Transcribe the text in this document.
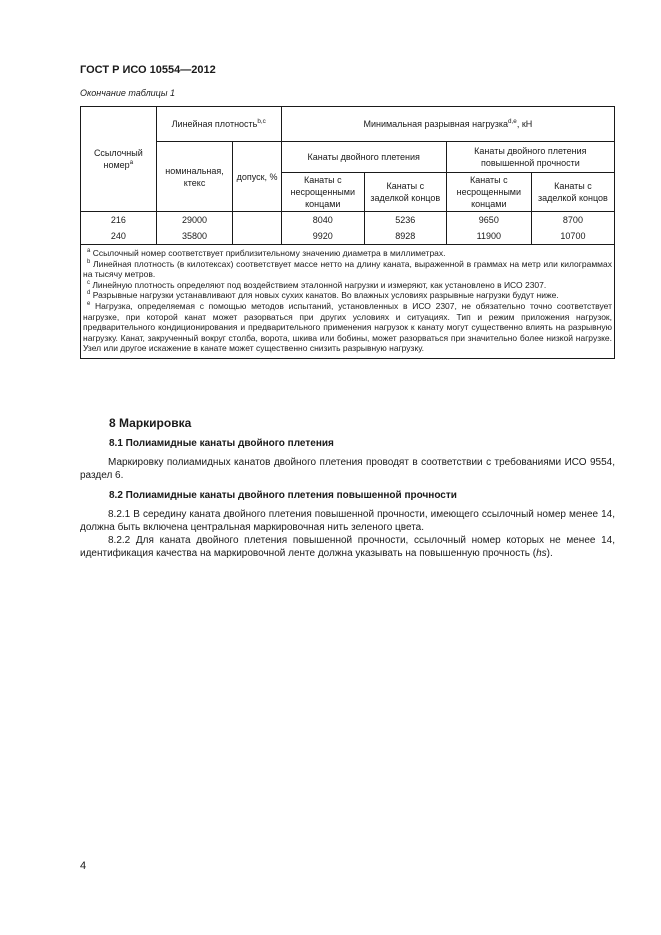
ГОСТ Р ИСО 10554—2012
Окончание таблицы 1
Ссылочный номер$^a$	Линейная плотность$^{b,c}$		Минимальная разрывная нагрузка$^{d,e}$, кН			
	номинальная, ктекс	допуск, %	Канаты двойного плетения		Канаты двойного плетения повышенной прочности	
			Канаты с несрощенными концами	Канаты с заделкой концов	Канаты с несрощенными концами	Канаты с заделкой концов
216	29000		8040	5236	9650	8700
240	35800		9920	8928	11900	10700

$^a$ Ссылочный номер соответствует приблизительному значению диаметра в миллиметрах.

$^b$ Линейная плотность (в килотексах) соответствует массе нетто на длину каната, выраженной в граммах на метр или килограммах на тысячу метров.

$^c$ Линейную плотность определяют под воздействием эталонной нагрузки и измеряют, как установлено в ИСО 2307.

$^d$ Разрывные нагрузки устанавливают для новых сухих канатов. Во влажных условиях разрывные нагрузки будут ниже.

$^e$ Нагрузка, определяемая с помощью методов испытаний, установленных в ИСО 2307, не обязательно точно соответствует нагрузке, при которой канат может разорваться при других условиях и ситуациях. Тип и режим приложения нагрузок, предварительного кондиционирования и предварительного применения нагрузок к канату могут существенно влиять на разрывную нагрузку. Канат, закрученный вокруг столба, ворота, шкива или бобины, может разорваться при значительно более низкой нагрузке. Узел или другое искажение в канате может существенно снизить разрывную нагрузку.						

8 Маркировка
8.1 Полиамидные канаты двойного плетения

Маркировку полиамидных канатов двойного плетения проводят в соответствии с требованиями ИСО 9554, раздел 6.

8.2 Полиамидные канаты двойного плетения повышенной прочности

8.2.1 В середину каната двойного плетения повышенной прочности, имеющего ссылочный номер менее 14, должна быть включена центральная маркировочная нить зеленого цвета.

8.2.2 Для каната двойного плетения повышенной прочности, ссылочный номер которых не менее 14, идентификация качества на маркировочной ленте должна указывать на повышенную прочность (hs).

4
